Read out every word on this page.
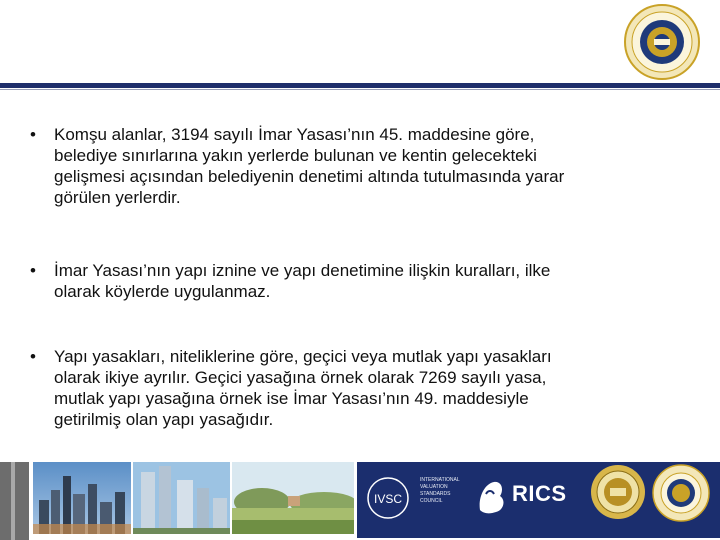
• Komşu alanlar, 3194 sayılı İmar Yasası’nın 45. maddesine göre,
belediye sınırlarına yakın yerlerde bulunan ve kentin gelecekteki
gelişmesi açısından belediyenin denetimi altında tutulmasında yarar
görülen yerlerdir.
• İmar Yasası’nın yapı iznine ve yapı denetimine ilişkin kuralları, ilke
olarak köylerde uygulanmaz.
• Yapı yasakları, niteliklerine göre, geçici veya mutlak yapı yasakları
olarak ikiye ayrılır. Geçici yasağına örnek olarak 7269 sayılı yasa,
mutlak yapı yasağına örnek ise İmar Yasası’nın 49. maddesiyle
getirilmiş olan yapı yasağıdır.
IVSC
INTERNATIONAL
VALUATION
STANDARDS
COUNCIL	RICS
